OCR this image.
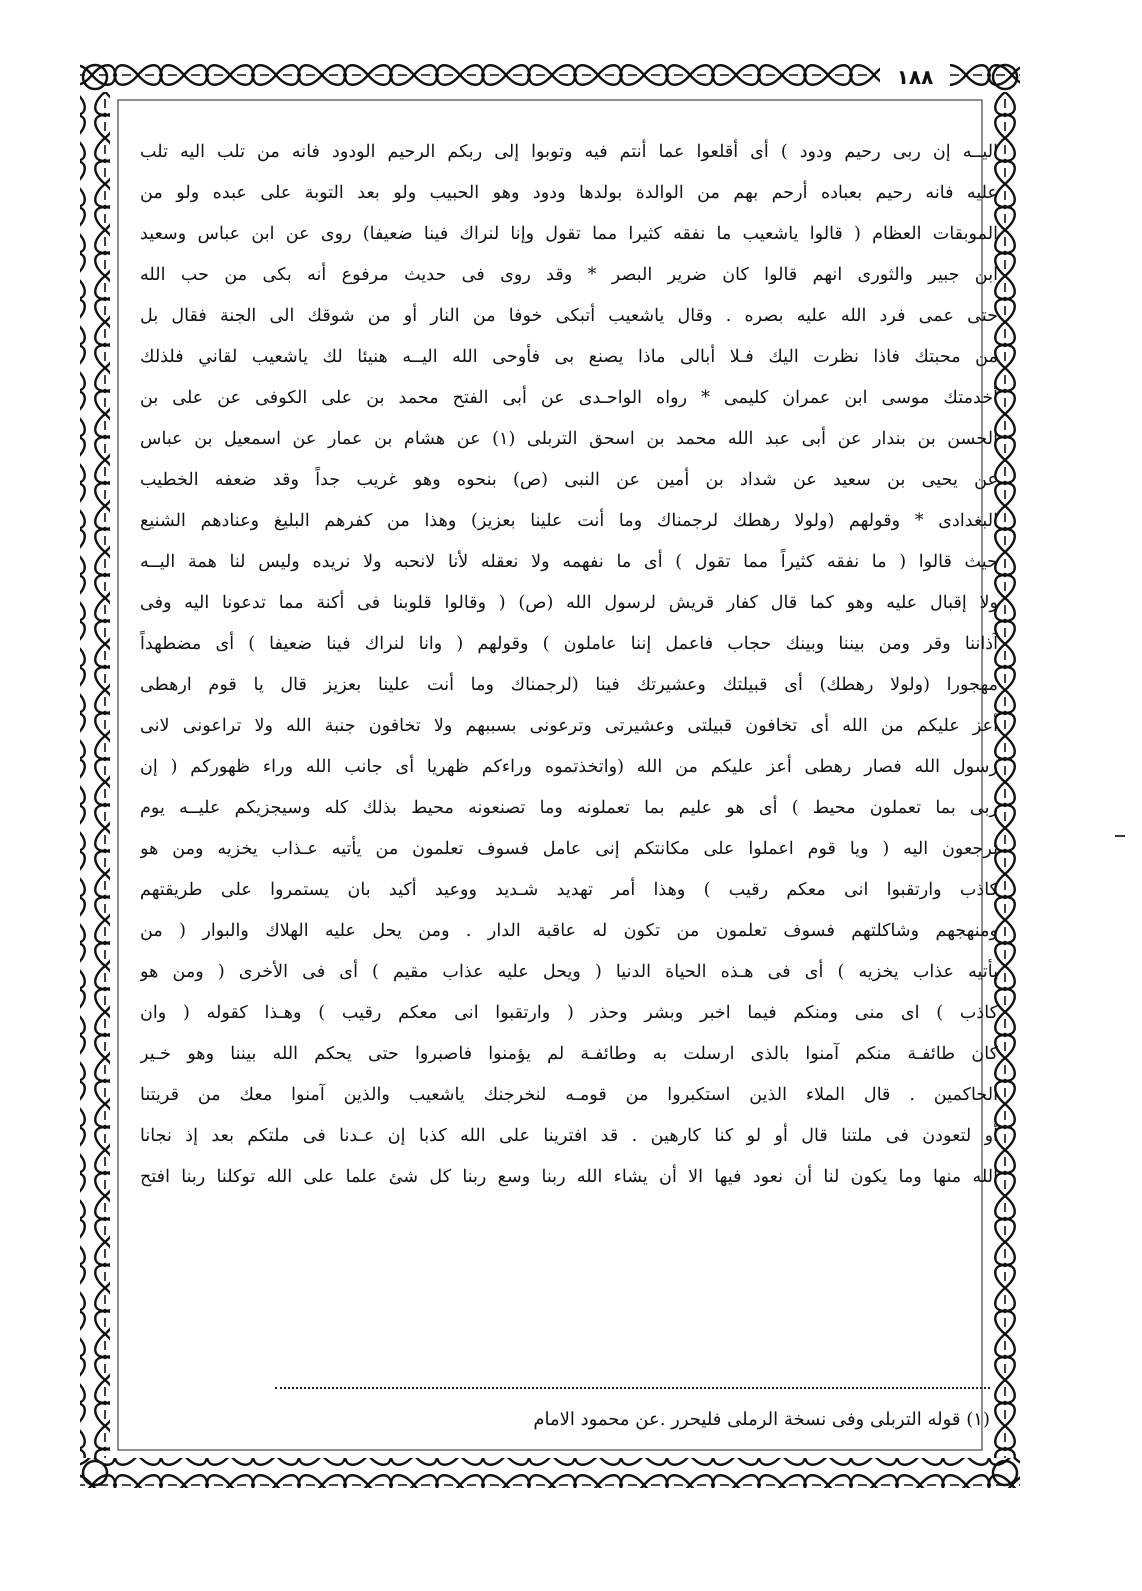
١٨٨
اليــه إن ربى رحيم ودود ) أى أقلعوا عما أنتم فيه وتوبوا إلى ربكم الرحيم الودود فانه من تلب اليه تلب
عليه فانه رحيم بعباده أرحم بهم من الوالدة بولدها ودود وهو الحبيب ولو بعد التوبة على عبده ولو من
الموبقات العظام ( قالوا ياشعيب ما نفقه كثيرا مما تقول وإنا لنراك فينا ضعيفا) روى عن ابن عباس وسعيد
ابن جبير والثورى انهم قالوا كان ضرير البصر * وقد روى فى حديث مرفوع أنه بكى من حب الله
حتى عمى فرد الله عليه بصره . وقال ياشعيب أتبكى خوفا من النار أو من شوقك الى الجنة فقال بل
من محبتك فاذا نظرت اليك فـلا أبالى ماذا يصنع بى فأوحى الله اليــه هنيئا لك ياشعيب لقاني فلذلك
أخدمتك موسى ابن عمران كليمى * رواه الواحـدى عن أبى الفتح محمد بن على الكوفى عن على بن
الحسن بن بندار عن أبى عبد الله محمد بن اسحق التربلى (١) عن هشام بن عمار عن اسمعيل بن عباس
عن يحيى بن سعيد عن شداد بن أمين عن النبى (ص) بنحوه وهو غريب جداً وقد ضعفه الخطيب
البغدادى * وقولهم (ولولا رهطك لرجمناك وما أنت علينا بعزيز) وهذا من كفرهم البليغ وعنادهم الشنيع
حيث قالوا ( ما نفقه كثيراً مما تقول ) أى ما نفهمه ولا نعقله لأنا لانحبه ولا نريده وليس لنا همة اليــه
ولا إقبال عليه وهو كما قال كفار قريش لرسول الله (ص) ( وقالوا قلوبنا فى أكنة مما تدعونا اليه وفى
آذاننا وقر ومن بيننا وبينك حجاب فاعمل إننا عاملون ) وقولهم ( وانا لنراك فينا ضعيفا ) أى مضطهداً
مهجورا (ولولا رهطك) أى قبيلتك وعشيرتك فينا (لرجمناك وما أنت علينا بعزيز قال يا قوم ارهطى
أعز عليكم من الله أى تخافون قبيلتى وعشيرتى وترعونى بسببهم ولا تخافون جنبة الله ولا تراعونى لانى
رسول الله فصار رهطى أعز عليكم من الله (واتخذتموه وراءكم ظهريا أى جانب الله وراء ظهوركم ( إن
ربى بما تعملون محيط ) أى هو عليم بما تعملونه وما تصنعونه محيط بذلك كله وسيجزيكم عليــه يوم
ترجعون اليه ( ويا قوم اعملوا على مكانتكم إنى عامل فسوف تعلمون من يأتيه عـذاب يخزيه ومن هو
كاذب وارتقبوا انى معكم رقيب ) وهذا أمر تهديد شـديد ووعيد أكيد بان يستمروا على طريقتهم
ومنهجهم وشاكلتهم فسوف تعلمون من تكون له عاقبة الدار . ومن يحل عليه الهلاك والبوار ( من
يأتيه عذاب يخزيه ) أى فى هـذه الحياة الدنيا ( ويحل عليه عذاب مقيم ) أى فى الأخرى ( ومن هو
كاذب ) اى منى ومنكم فيما اخبر وبشر وحذر ( وارتقبوا انى معكم رقيب ) وهـذا كقوله ( وان
كان طائفـة منكم آمنوا بالذى ارسلت به وطائفـة لم يؤمنوا فاصبروا حتى يحكم الله بيننا وهو خـير
الحاكمين . قال الملاء الذين استكبروا من قومـه لنخرجنك ياشعيب والذين آمنوا معك من قريتنا
أو لتعودن فى ملتنا قال أو لو كنا كارهين . قد افترينا على الله كذبا إن عـدنا فى ملتكم بعد إذ نجانا
الله منها وما يكون لنا أن نعود فيها الا أن يشاء الله ربنا وسع ربنا كل شئ علما على الله توكلنا ربنا افتح
(١) قوله التربلى وفى نسخة الرملى فليحرر .عن محمود الامام
